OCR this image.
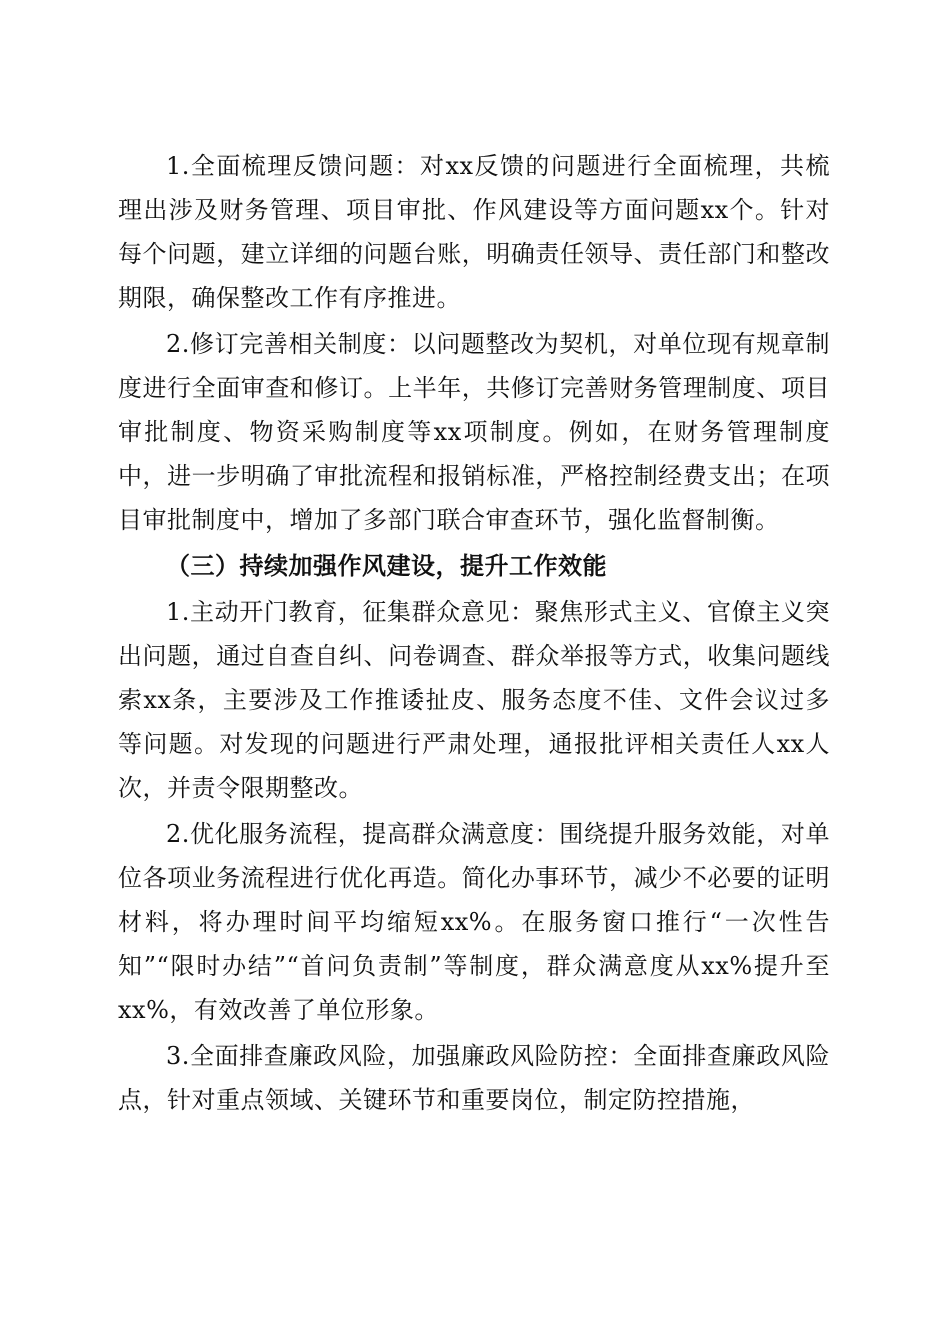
1.全面梳理反馈问题：对xx反馈的问题进行全面梳理，共梳理出涉及财务管理、项目审批、作风建设等方面问题xx个。针对每个问题，建立详细的问题台账，明确责任领导、责任部门和整改期限，确保整改工作有序推进。

2.修订完善相关制度：以问题整改为契机，对单位现有规章制度进行全面审查和修订。上半年，共修订完善财务管理制度、项目审批制度、物资采购制度等xx项制度。例如，在财务管理制度中，进一步明确了审批流程和报销标准，严格控制经费支出；在项目审批制度中，增加了多部门联合审查环节，强化监督制衡。

（三）持续加强作风建设，提升工作效能

1.主动开门教育，征集群众意见：聚焦形式主义、官僚主义突出问题，通过自查自纠、问卷调查、群众举报等方式，收集问题线索xx条，主要涉及工作推诿扯皮、服务态度不佳、文件会议过多等问题。对发现的问题进行严肃处理，通报批评相关责任人xx人次，并责令限期整改。

2.优化服务流程，提高群众满意度：围绕提升服务效能，对单位各项业务流程进行优化再造。简化办事环节，减少不必要的证明材料，将办理时间平均缩短xx%。在服务窗口推行“一次性告知”“限时办结”“首问负责制”等制度，群众满意度从xx%提升至xx%，有效改善了单位形象。

3.全面排查廉政风险，加强廉政风险防控：全面排查廉政风险点，针对重点领域、关键环节和重要岗位，制定防控措施，
